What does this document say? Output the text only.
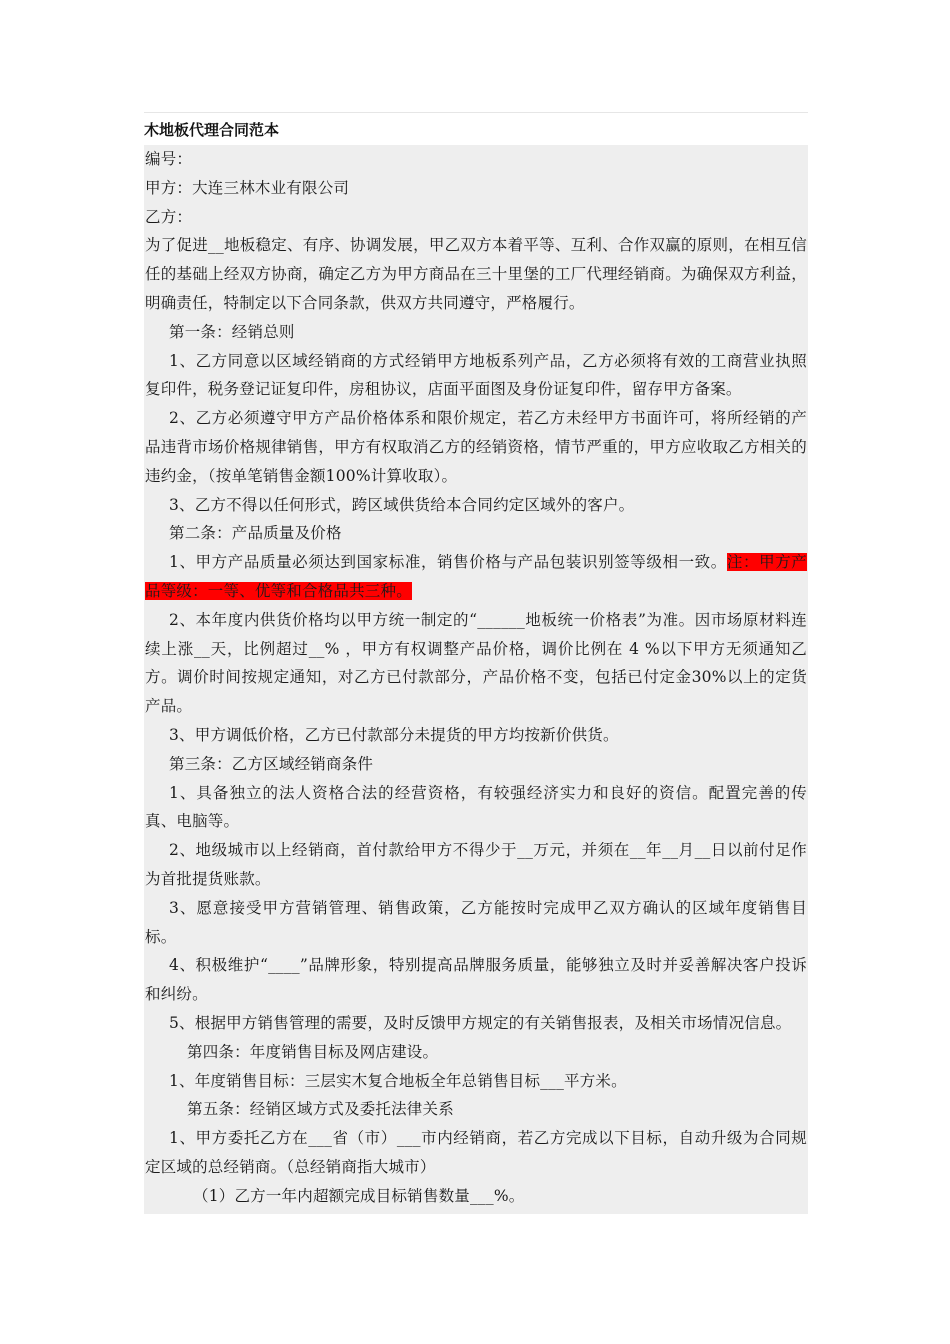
木地板代理合同范本

编号：

甲方：大连三林木业有限公司

乙方：

为了促进__地板稳定、有序、协调发展，甲乙双方本着平等、互利、合作双赢的原则，在相互信任的基础上经双方协商，确定乙方为甲方商品在三十里堡的工厂代理经销商。为确保双方利益，明确责任，特制定以下合同条款，供双方共同遵守，严格履行。

第一条：经销总则

1、乙方同意以区域经销商的方式经销甲方地板系列产品，乙方必须将有效的工商营业执照复印件，税务登记证复印件，房租协议，店面平面图及身份证复印件，留存甲方备案。

2、乙方必须遵守甲方产品价格体系和限价规定，若乙方未经甲方书面许可，将所经销的产品违背市场价格规律销售，甲方有权取消乙方的经销资格，情节严重的，甲方应收取乙方相关的违约金，（按单笔销售金额100%计算收取）。

3、乙方不得以任何形式，跨区域供货给本合同约定区域外的客户。

第二条：产品质量及价格

1、甲方产品质量必须达到国家标准，销售价格与产品包装识别签等级相一致。注：甲方产品等级：一等、优等和合格品共三种。

2、本年度内供货价格均以甲方统一制定的“______地板统一价格表”为准。因市场原材料连续上涨__天，比例超过__% ，甲方有权调整产品价格，调价比例在 4 %以下甲方无须通知乙方。调价时间按规定通知，对乙方已付款部分，产品价格不变，包括已付定金30%以上的定货产品。

3、甲方调低价格，乙方已付款部分未提货的甲方均按新价供货。

第三条：乙方区域经销商条件

1、具备独立的法人资格合法的经营资格，有较强经济实力和良好的资信。配置完善的传真、电脑等。

2、地级城市以上经销商，首付款给甲方不得少于__万元，并须在__年__月__日以前付足作为首批提货账款。

3、愿意接受甲方营销管理、销售政策，乙方能按时完成甲乙双方确认的区域年度销售目标。

4、积极维护“____”品牌形象，特别提高品牌服务质量，能够独立及时并妥善解决客户投诉和纠纷。

5、根据甲方销售管理的需要，及时反馈甲方规定的有关销售报表，及相关市场情况信息。

第四条：年度销售目标及网店建设。

1、年度销售目标：三层实木复合地板全年总销售目标___平方米。

第五条：经销区域方式及委托法律关系

1、甲方委托乙方在___省（市）___市内经销商，若乙方完成以下目标，自动升级为合同规定区域的总经销商。（总经销商指大城市）

（1）乙方一年内超额完成目标销售数量___%。
